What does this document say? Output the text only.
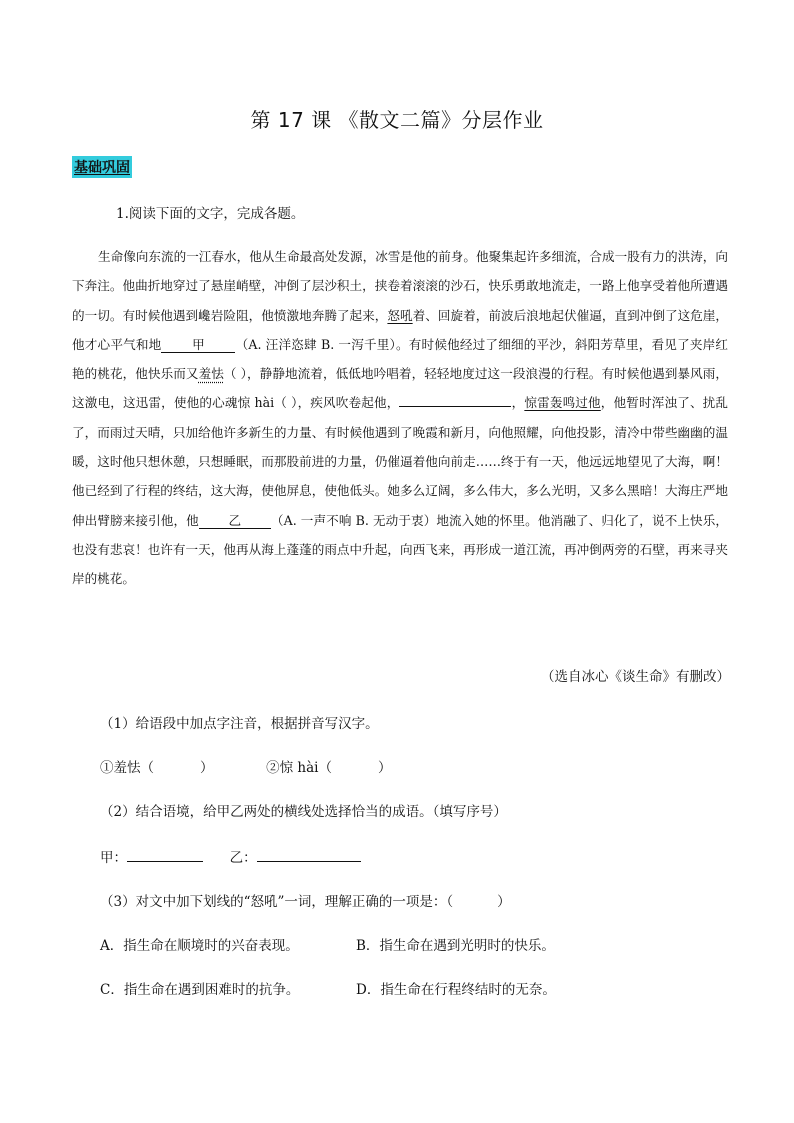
第 17 课 《散文二篇》分层作业
基础巩固
1.阅读下面的文字，完成各题。
生命像向东流的一江春水，他从生命最高处发源，冰雪是他的前身。他聚集起许多细流，合成一股有力的洪涛，向下奔注。他曲折地穿过了悬崖峭壁，冲倒了层沙积土，挟卷着滚滚的沙石，快乐勇敢地流走，一路上他享受着他所遭遇的一切。有时候他遇到巉岩险阻，他愤激地奔腾了起来，怒吼着、回旋着，前波后浪地起伏催逼，直到冲倒了这危崖，他才心平气和地 甲 （A. 汪洋恣肆 B. 一泻千里）。有时候他经过了细细的平沙，斜阳芳草里，看见了夹岸红艳的桃花，他快乐而又羞怯（ ），静静地流着，低低地吟唱着，轻轻地度过这一段浪漫的行程。有时候他遇到暴风雨，这激电，这迅雷，使他的心魂惊 hài（ ），疾风吹卷起他，	，惊雷轰鸣过他，他暂时浑浊了、扰乱了，而雨过天晴，只加给他许多新生的力量、有时候他遇到了晚霞和新月，向他照耀，向他投影，清冷中带些幽幽的温暖，这时他只想休憩，只想睡眠，而那股前进的力量，仍催逼着他向前走……终于有一天，他远远地望见了大海，啊！他已经到了行程的终结，这大海，使他屏息，使他低头。她多么辽阔，多么伟大，多么光明，又多么黑暗！大海庄严地伸出臂膀来接引他，他 乙 （A. 一声不响 B. 无动于衷）地流入她的怀里。他消融了、归化了，说不上快乐，也没有悲哀！也许有一天，他再从海上蓬蓬的雨点中升起，向西飞来，再形成一道江流，再冲倒两旁的石壁，再来寻夹岸的桃花。
（选自冰心《谈生命》有删改）
（1）给语段中加点字注音，根据拼音写汉字。
①羞怯（	）	②惊 hài（	）
（2）结合语境，给甲乙两处的横线处选择恰当的成语。（填写序号）
甲：	乙：
（3）对文中加下划线的“怒吼”一词，理解正确的一项是：（	）
A．指生命在顺境时的兴奋表现。	B．指生命在遇到光明时的快乐。
C．指生命在遇到困难时的抗争。	D．指生命在行程终结时的无奈。
